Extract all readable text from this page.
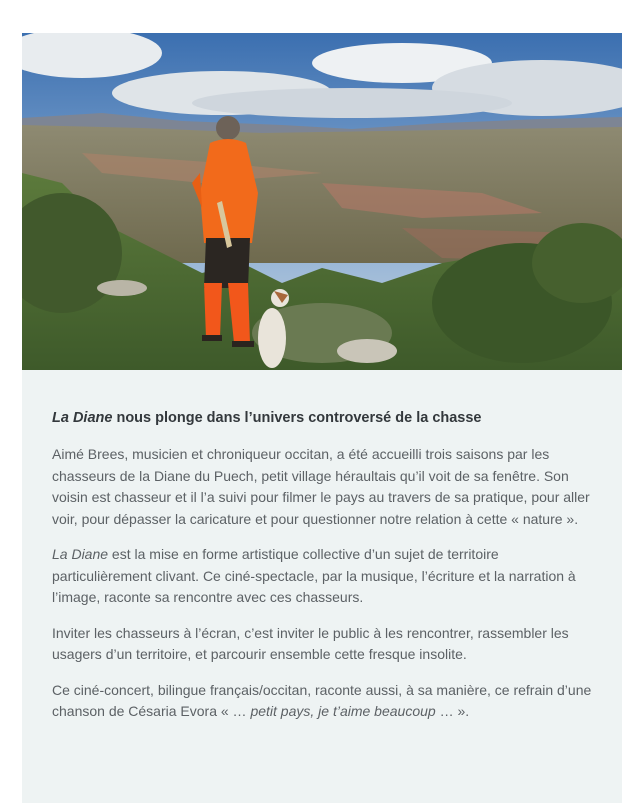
La Diane nous plonge dans l’univers controversé de la chasse

Aimé Brees, musicien et chroniqueur occitan, a été accueilli trois saisons par les chasseurs de la Diane du Puech, petit village héraultais qu’il voit de sa fenêtre. Son voisin est chasseur et il l’a suivi pour filmer le pays au travers de sa pratique, pour aller voir, pour dépasser la caricature et pour questionner notre relation à cette « nature ».

La Diane est la mise en forme artistique collective d’un sujet de territoire particulièrement clivant. Ce ciné-spectacle, par la musique, l’écriture et la narration à l’image, raconte sa rencontre avec ces chasseurs.

Inviter les chasseurs à l’écran, c’est inviter le public à les rencontrer, rassembler les usagers d’un territoire, et parcourir ensemble cette fresque insolite.

Ce ciné-concert, bilingue français/occitan, raconte aussi, à sa manière, ce refrain d’une chanson de Césaria Evora « … petit pays, je t’aime beaucoup … ».
